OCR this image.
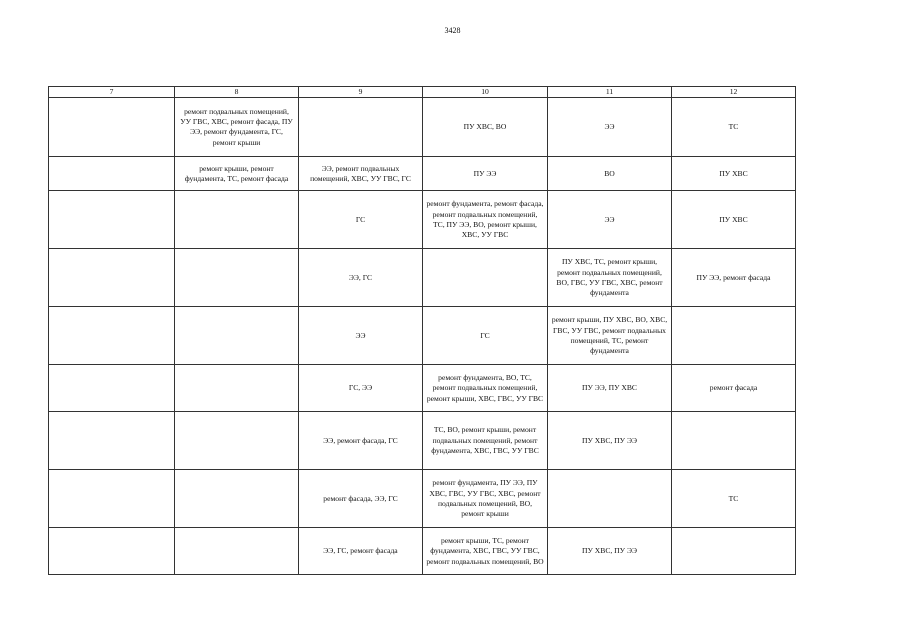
3428
7	8	9	10	11	12
	ремонт подвальных помещений, УУ ГВС, ХВС, ремонт фасада, ПУ ЭЭ, ремонт фундамента, ГС, ремонт крыши		ПУ ХВС, ВО	ЭЭ	ТС
	ремонт крыши, ремонт фундамента, ТС, ремонт фасада	ЭЭ, ремонт подвальных помещений, ХВС, УУ ГВС, ГС	ПУ ЭЭ	ВО	ПУ ХВС
		ГС	ремонт фундамента, ремонт фасада, ремонт подвальных помещений, ТС, ПУ ЭЭ, ВО, ремонт крыши, ХВС, УУ ГВС	ЭЭ	ПУ ХВС
		ЭЭ, ГС		ПУ ХВС, ТС, ремонт крыши, ремонт подвальных помещений, ВО, ГВС, УУ ГВС, ХВС, ремонт фундамента	ПУ ЭЭ, ремонт фасада
		ЭЭ	ГС	ремонт крыши, ПУ ХВС, ВО, ХВС, ГВС, УУ ГВС, ремонт подвальных помещений, ТС, ремонт фундамента	
		ГС, ЭЭ	ремонт фундамента, ВО, ТС, ремонт подвальных помещений, ремонт крыши, ХВС, ГВС, УУ ГВС	ПУ ЭЭ, ПУ ХВС	ремонт фасада
		ЭЭ, ремонт фасада, ГС	ТС, ВО, ремонт крыши, ремонт подвальных помещений, ремонт фундамента, ХВС, ГВС, УУ ГВС	ПУ ХВС, ПУ ЭЭ	
		ремонт фасада, ЭЭ, ГС	ремонт фундамента, ПУ ЭЭ, ПУ ХВС, ГВС, УУ ГВС, ХВС, ремонт подвальных помещений, ВО, ремонт крыши		ТС
		ЭЭ, ГС, ремонт фасада	ремонт крыши, ТС, ремонт фундамента, ХВС, ГВС, УУ ГВС, ремонт подвальных помещений, ВО	ПУ ХВС, ПУ ЭЭ	
